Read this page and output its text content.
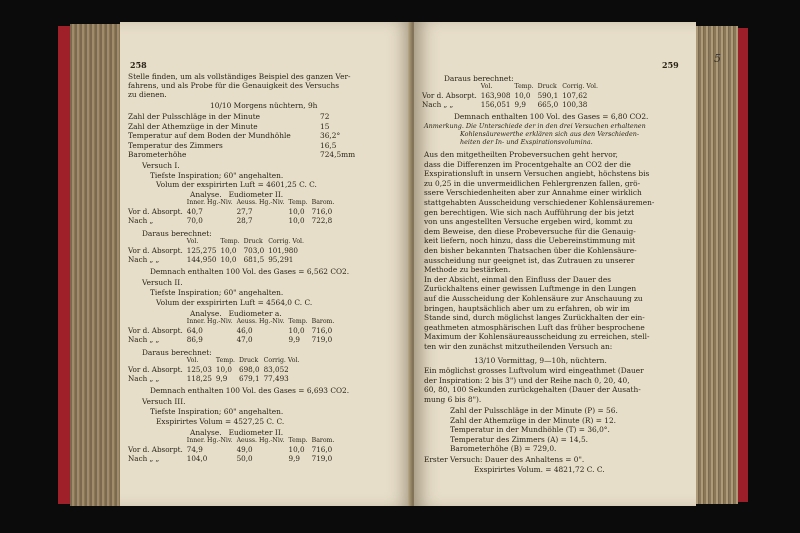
258
Stelle finden, um als vollständiges Beispiel des ganzen Ver-
fahrens, und als Probe für die Genauigkeit des Versuchs
zu dienen.
10/10 Morgens nüchtern, 9h
Zahl der Pulsschläge in der Minute	72
Zahl der Athemzüge in der Minute	15
Temperatur auf dem Boden der Mundhöhle	36,2°
Temperatur des Zimmers	16,5
Barometerhöhe	724,5mm
Versuch I.
Tiefste Inspiration; 60" angehalten.
Volum der exspirirten Luft = 4601,25 C. C.
Analyse.   Eudiometer II.
	Inner. Hg.-Niv.	Aeuss. Hg.-Niv.	Temp.	Barom.
Vor d. Absorpt.	40,7	27,7	10,0	716,0
Nach „	70,0	28,7	10,0	722,8
Daraus berechnet:
	Vol.	Temp.	Druck	Corrig. Vol.
Vor d. Absorpt.	125,275	10,0	703,0	101,980
Nach „ „	144,950	10,0	681,5	95,291
Demnach enthalten 100 Vol. des Gases = 6,562 CO2.
Versuch II.
Tiefste Inspiration; 60" angehalten.
Volum der exspirirten Luft = 4564,0 C. C.
Analyse.   Eudiometer a.
	Inner. Hg.-Niv.	Aeuss. Hg.-Niv.	Temp.	Barom.
Vor d. Absorpt.	64,0	46,0	10,0	716,0
Nach „ „	86,9	47,0	9,9	719,0
Daraus berechnet:
	Vol.	Temp.	Druck	Corrig. Vol.
Vor d. Absorpt.	125,03	10,0	698,0	83,052
Nach „ „	118,25	9,9	679,1	77,493
Demnach enthalten 100 Vol. des Gases = 6,693 CO2.
Versuch III.
Tiefste Inspiration; 60" angehalten.
Exspirirtes Volum = 4527,25 C. C.
Analyse.   Eudiometer II.
	Inner. Hg.-Niv.	Aeuss. Hg.-Niv.	Temp.	Barom.
Vor d. Absorpt.	74,9	49,0	10,0	716,0
Nach „ „	104,0	50,0	9,9	719,0
259
Daraus berechnet:
	Vol.	Temp.	Druck	Corrig. Vol.
Vor d. Absorpt.	163,908	10,0	590,1	107,62
Nach „ „	156,051	9,9	665,0	100,38
Demnach enthalten 100 Vol. des Gases = 6,80 CO2.
Anmerkung. Die Unterschiede der in den drei Versuchen erhaltenen
Kohlensäurewerthe erklären sich aus den Verschieden-
heiten der In- und Exspirationsvolumina.
Aus den mitgetheilten Probeversuchen geht hervor,
dass die Differenzen im Procentgehalte an CO2 der die
Exspirationsluft in unsern Versuchen angiebt, höchstens bis
zu 0,25 in die unvermeidlichen Fehlergrenzen fallen, grö-
ssere Verschiedenheiten aber zur Annahme einer wirklich
stattgehabten Ausscheidung verschiedener Kohlensäuremen-
gen berechtigen. Wie sich nach Aufführung der bis jetzt
von uns angestellten Versuche ergeben wird, kommt zu
dem Beweise, den diese Probeversuche für die Genauig-
keit liefern, noch hinzu, dass die Uebereinstimmung mit
den bisher bekannten Thatsachen über die Kohlensäure-
ausscheidung nur geeignet ist, das Zutrauen zu unserer
Methode zu bestärken.
In der Absicht, einmal den Einfluss der Dauer des
Zurückhaltens einer gewissen Luftmenge in den Lungen
auf die Ausscheidung der Kohlensäure zur Anschauung zu
bringen, hauptsächlich aber um zu erfahren, ob wir im
Stande sind, durch möglichst langes Zurückhalten der ein-
geathmeten atmosphärischen Luft das früher besprochene
Maximum der Kohlensäureausscheidung zu erreichen, stell-
ten wir den zunächst mitzutheilenden Versuch an:
13/10 Vormittag, 9—10h, nüchtern.
Ein möglichst grosses Luftvolum wird eingeathmet (Dauer
der Inspiration: 2 bis 3") und der Reihe nach 0, 20, 40,
60, 80, 100 Sekunden zurückgehalten (Dauer der Ausath-
mung 6 bis 8").
Zahl der Pulsschläge in der Minute (P) = 56.
Zahl der Athemzüge in der Minute (R) = 12.
Temperatur in der Mundhöhle (T) = 36,0°.
Temperatur des Zimmers (A) = 14,5.
Barometerhöhe (B) = 729,0.
Erster Versuch: Dauer des Anhaltens = 0".
Exspirirtes Volum. = 4821,72 C. C.
5
